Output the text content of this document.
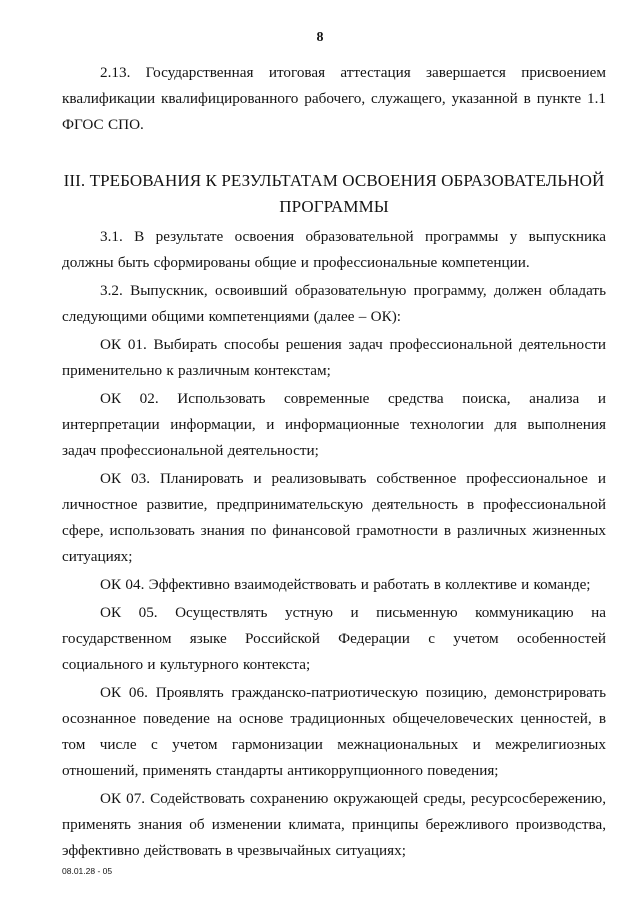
8

2.13. Государственная итоговая аттестация завершается присвоением квалификации квалифицированного рабочего, служащего, указанной в пункте 1.1 ФГОС СПО.

III. ТРЕБОВАНИЯ К РЕЗУЛЬТАТАМ ОСВОЕНИЯ ОБРАЗОВАТЕЛЬНОЙ ПРОГРАММЫ

3.1. В результате освоения образовательной программы у выпускника должны быть сформированы общие и профессиональные компетенции.

3.2. Выпускник, освоивший образовательную программу, должен обладать следующими общими компетенциями (далее – ОК):

ОК 01. Выбирать способы решения задач профессиональной деятельности применительно к различным контекстам;

ОК 02. Использовать современные средства поиска, анализа и интерпретации информации, и информационные технологии для выполнения задач профессиональной деятельности;

ОК 03. Планировать и реализовывать собственное профессиональное и личностное развитие, предпринимательскую деятельность в профессиональной сфере, использовать знания по финансовой грамотности в различных жизненных ситуациях;

ОК 04. Эффективно взаимодействовать и работать в коллективе и команде;

ОК 05. Осуществлять устную и письменную коммуникацию на государственном языке Российской Федерации с учетом особенностей социального и культурного контекста;

ОК 06. Проявлять гражданско-патриотическую позицию, демонстрировать осознанное поведение на основе традиционных общечеловеческих ценностей, в том числе с учетом гармонизации межнациональных и межрелигиозных отношений, применять стандарты антикоррупционного поведения;

ОК 07. Содействовать сохранению окружающей среды, ресурсосбережению, применять знания об изменении климата, принципы бережливого производства, эффективно действовать в чрезвычайных ситуациях;

08.01.28 - 05
